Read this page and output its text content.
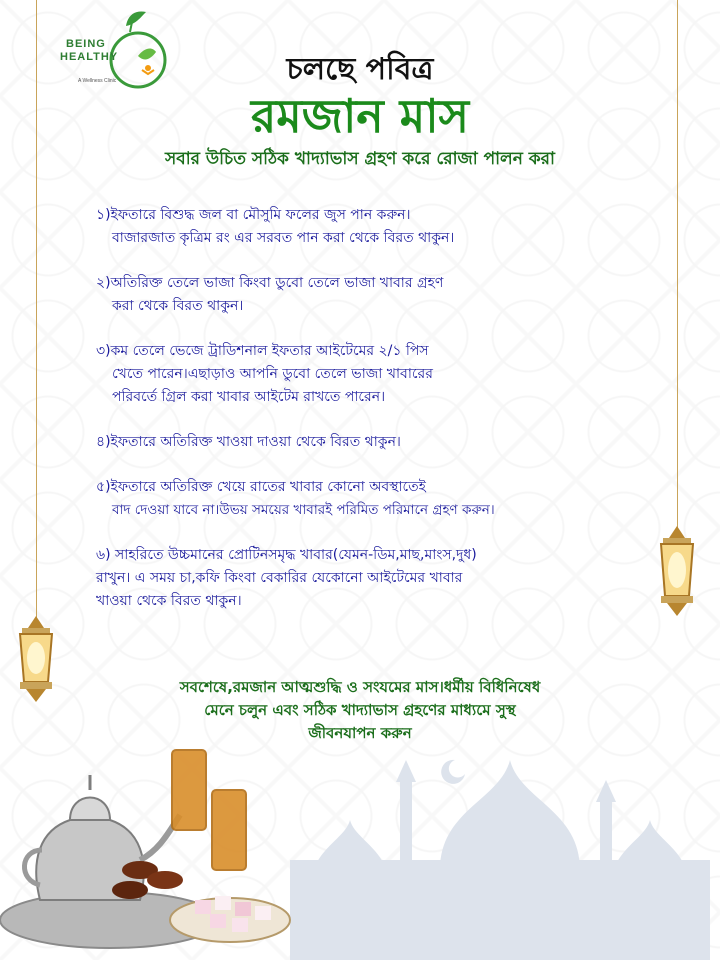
BEING
HEALTHY
A Wellness Clinic	চলছে পবিত্র
রমজান মাস
সবার উচিত সঠিক খাদ্যাভাস গ্রহণ করে রোজা পালন করা
১)ইফতারে বিশুদ্ধ জল বা মৌসুমি ফলের জুস পান করুন।
বাজারজাত কৃত্রিম রং এর সরবত পান করা থেকে বিরত থাকুন।
২)অতিরিক্ত তেলে ভাজা কিংবা ডুবো তেলে ভাজা খাবার গ্রহণ
করা থেকে বিরত থাকুন।
৩)কম তেলে ভেজে ট্রাডিশনাল ইফতার আইটেমের ২/১ পিস
খেতে পারেন।এছাড়াও আপনি ডুবো তেলে ভাজা খাবারের
পরিবর্তে গ্রিল করা খাবার আইটেম রাখতে পারেন।
৪)ইফতারে অতিরিক্ত খাওয়া দাওয়া থেকে বিরত থাকুন।
৫)ইফতারে অতিরিক্ত খেয়ে রাতের খাবার কোনো অবস্থাতেই
বাদ দেওয়া যাবে না।উভয় সময়ের খাবারই পরিমিত পরিমানে গ্রহণ করুন।
৬) সাহরিতে উচ্চমানের প্রোটিনসমৃদ্ধ খাবার(যেমন-ডিম,মাছ,মাংস,দুধ)
রাখুন। এ সময় চা,কফি কিংবা বেকারির যেকোনো আইটেমের খাবার
খাওয়া থেকে বিরত থাকুন।
সবশেষে,রমজান আত্মশুদ্ধি ও সংযমের মাস।ধর্মীয় বিধিনিষেধ
মেনে চলুন এবং সঠিক খাদ্যাভাস গ্রহণের মাধ্যমে সুস্থ
জীবনযাপন করুন
